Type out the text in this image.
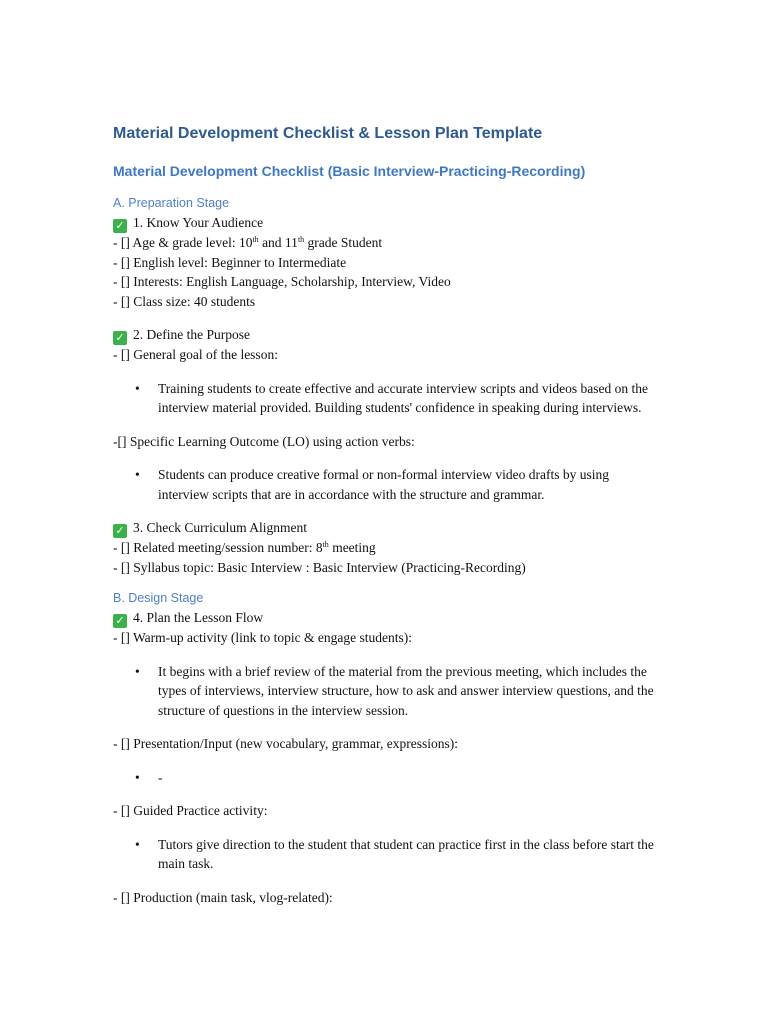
Material Development Checklist & Lesson Plan Template
Material Development Checklist (Basic Interview-Practicing-Recording)
A. Preparation Stage

✓ 1. Know Your Audience

- [] Age & grade level: 10th and 11th grade Student

- [] English level: Beginner to Intermediate

- [] Interests: English Language, Scholarship, Interview, Video

- [] Class size: 40 students

✓ 2. Define the Purpose

- [] General goal of the lesson:

• Training students to create effective and accurate interview scripts and videos based on the interview material provided. Building students' confidence in speaking during interviews.

-[] Specific Learning Outcome (LO) using action verbs:

• Students can produce creative formal or non-formal interview video drafts by using interview scripts that are in accordance with the structure and grammar.

✓ 3. Check Curriculum Alignment

- [] Related meeting/session number: 8th meeting

- [] Syllabus topic: Basic Interview : Basic Interview (Practicing-Recording)

B. Design Stage

✓ 4. Plan the Lesson Flow

- [] Warm-up activity (link to topic & engage students):

• It begins with a brief review of the material from the previous meeting, which includes the types of interviews, interview structure, how to ask and answer interview questions, and the structure of questions in the interview session.

- [] Presentation/Input (new vocabulary, grammar, expressions):

• -

- [] Guided Practice activity:

• Tutors give direction to the student that student can practice first in the class before start the main task.

- [] Production (main task, vlog-related):
